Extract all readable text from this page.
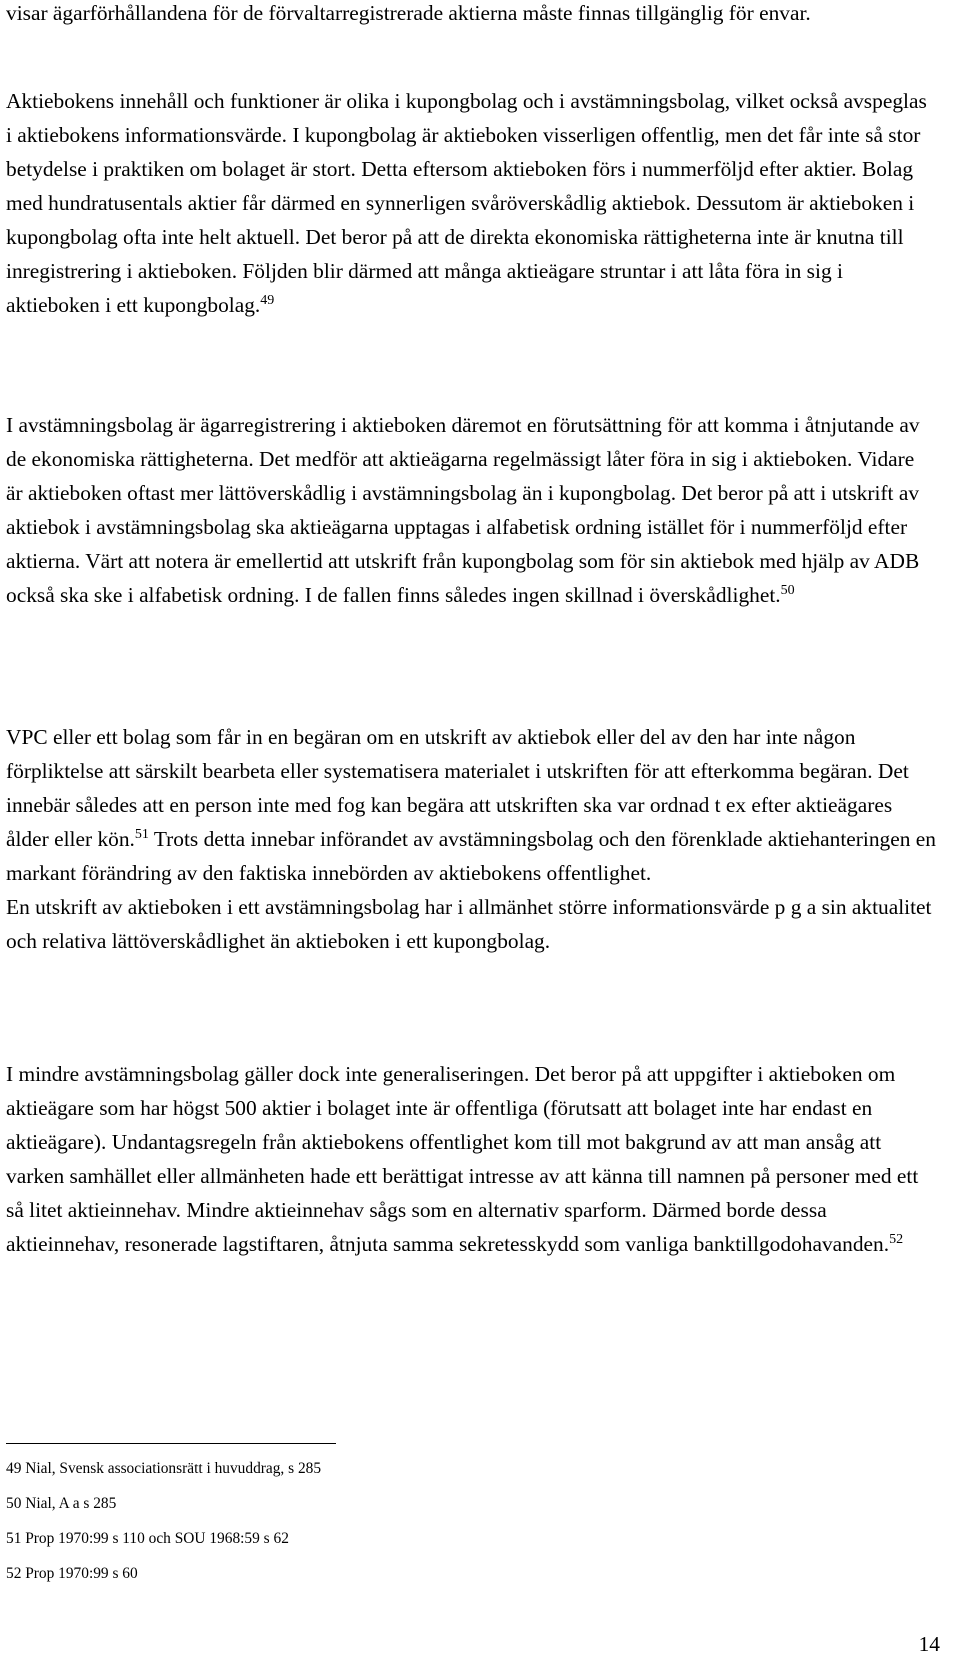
visar ägarförhållandena för de förvaltarregistrerade aktierna måste finnas tillgänglig för envar.

Aktiebokens innehåll och funktioner är olika i kupongbolag och i avstämningsbolag, vilket också avspeglas i aktiebokens informationsvärde. I kupongbolag är aktieboken visserligen offentlig, men det får inte så stor betydelse i praktiken om bolaget är stort. Detta eftersom aktieboken förs i nummerföljd efter aktier. Bolag med hundratusentals aktier får därmed en synnerligen svåröverskådlig aktiebok. Dessutom är aktieboken i kupongbolag ofta inte helt aktuell. Det beror på att de direkta ekonomiska rättigheterna inte är knutna till inregistrering i aktieboken. Följden blir därmed att många aktieägare struntar i att låta föra in sig i aktieboken i ett kupongbolag.$^{49}$

I avstämningsbolag är ägarregistrering i aktieboken däremot en förutsättning för att komma i åtnjutande av de ekonomiska rättigheterna. Det medför att aktieägarna regelmässigt låter föra in sig i aktieboken. Vidare är aktieboken oftast mer lättöverskådlig i avstämningsbolag än i kupongbolag. Det beror på att i utskrift av aktiebok i avstämningsbolag ska aktieägarna upptagas i alfabetisk ordning istället för i nummerföljd efter aktierna. Värt att notera är emellertid att utskrift från kupongbolag som för sin aktiebok med hjälp av ADB också ska ske i alfabetisk ordning. I de fallen finns således ingen skillnad i överskådlighet.$^{50}$

VPC eller ett bolag som får in en begäran om en utskrift av aktiebok eller del av den har inte någon förpliktelse att särskilt bearbeta eller systematisera materialet i utskriften för att efterkomma begäran. Det innebär således att en person inte med fog kan begära att utskriften ska var ordnad t ex efter aktieägares ålder eller kön.$^{51}$ Trots detta innebar införandet av avstämningsbolag och den förenklade aktiehanteringen en markant förändring av den faktiska innebörden av aktiebokens offentlighet.
En utskrift av aktieboken i ett avstämningsbolag har i allmänhet större informationsvärde p g a sin aktualitet och relativa lättöverskådlighet än aktieboken i ett kupongbolag.

I mindre avstämningsbolag gäller dock inte generaliseringen. Det beror på att uppgifter i aktieboken om aktieägare som har högst 500 aktier i bolaget inte är offentliga (förutsatt att bolaget inte har endast en aktieägare). Undantagsregeln från aktiebokens offentlighet kom till mot bakgrund av att man ansåg att varken samhället eller allmänheten hade ett berättigat intresse av att känna till namnen på personer med ett så litet aktieinnehav. Mindre aktieinnehav sågs som en alternativ sparform. Därmed borde dessa aktieinnehav, resonerade lagstiftaren, åtnjuta samma sekretesskydd som vanliga banktillgodohavanden.$^{52}$

49 Nial, Svensk associationsrätt i huvuddrag, s 285

50 Nial, A a s 285

51 Prop 1970:99 s 110 och SOU 1968:59 s 62

52 Prop 1970:99 s 60

14
